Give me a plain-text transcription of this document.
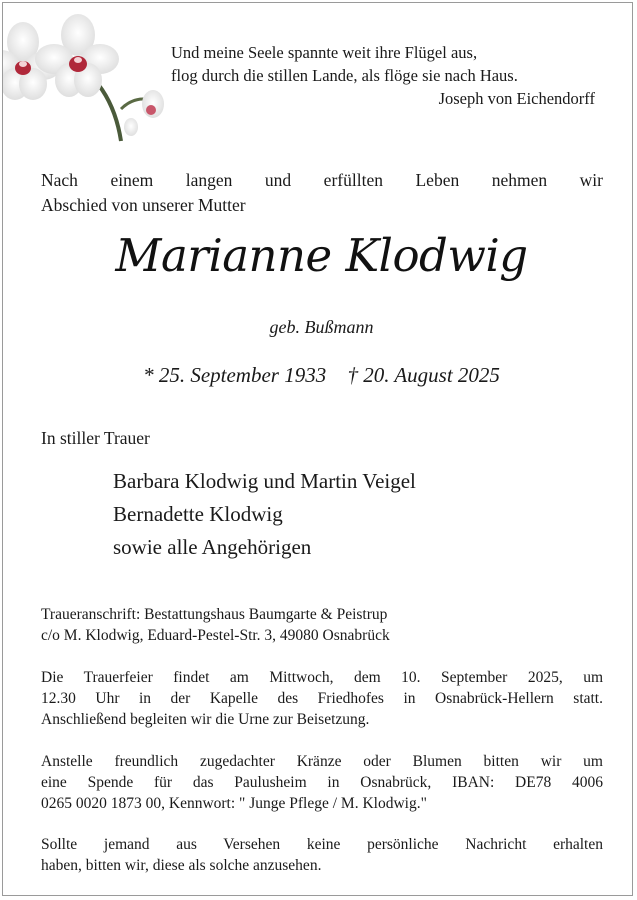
Und meine Seele spannte weit ihre Flügel aus,
flog durch die stillen Lande, als flöge sie nach Haus.
Joseph von Eichendorff
Nach einem langen und erfüllten Leben nehmen wir
Abschied von unserer Mutter
Marianne Klodwig
geb. Bußmann
* 25. September 1933 † 20. August 2025
In stiller Trauer
Barbara Klodwig und Martin Veigel
Bernadette Klodwig
sowie alle Angehörigen
Traueranschrift: Bestattungshaus Baumgarte & Peistrup
c/o M. Klodwig, Eduard-Pestel-Str. 3, 49080 Osnabrück
Die Trauerfeier findet am Mittwoch, dem 10. September 2025, um
12.30 Uhr in der Kapelle des Friedhofes in Osnabrück-Hellern statt.
Anschließend begleiten wir die Urne zur Beisetzung.
Anstelle freundlich zugedachter Kränze oder Blumen bitten wir um
eine Spende für das Paulusheim in Osnabrück, IBAN: DE78 4006
0265 0020 1873 00, Kennwort: " Junge Pflege / M. Klodwig."
Sollte jemand aus Versehen keine persönliche Nachricht erhalten
haben, bitten wir, diese als solche anzusehen.
